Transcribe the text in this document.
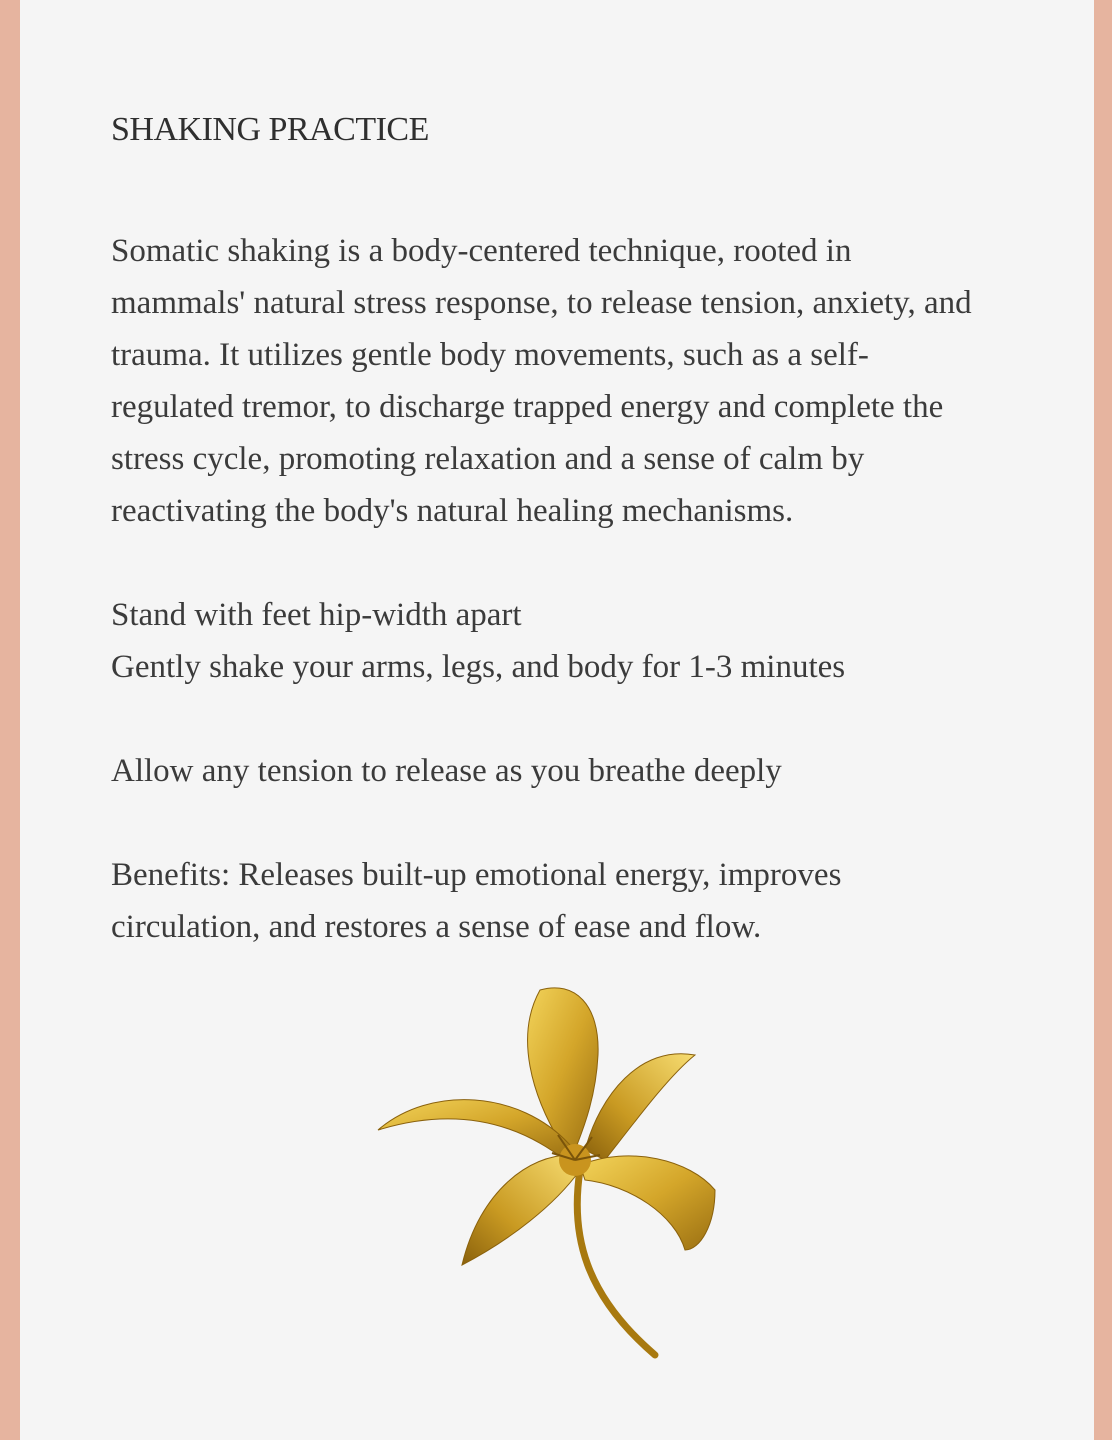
SHAKING PRACTICE

Somatic shaking is a body-centered technique, rooted in mammals' natural stress response, to release tension, anxiety, and trauma. It utilizes gentle body movements, such as a self-regulated tremor, to discharge trapped energy and complete the stress cycle, promoting relaxation and a sense of calm by reactivating the body's natural healing mechanisms.

Stand with feet hip-width apart

Gently shake your arms, legs, and body for 1-3 minutes

Allow any tension to release as you breathe deeply

Benefits: Releases built-up emotional energy, improves circulation, and restores a sense of ease and flow.
